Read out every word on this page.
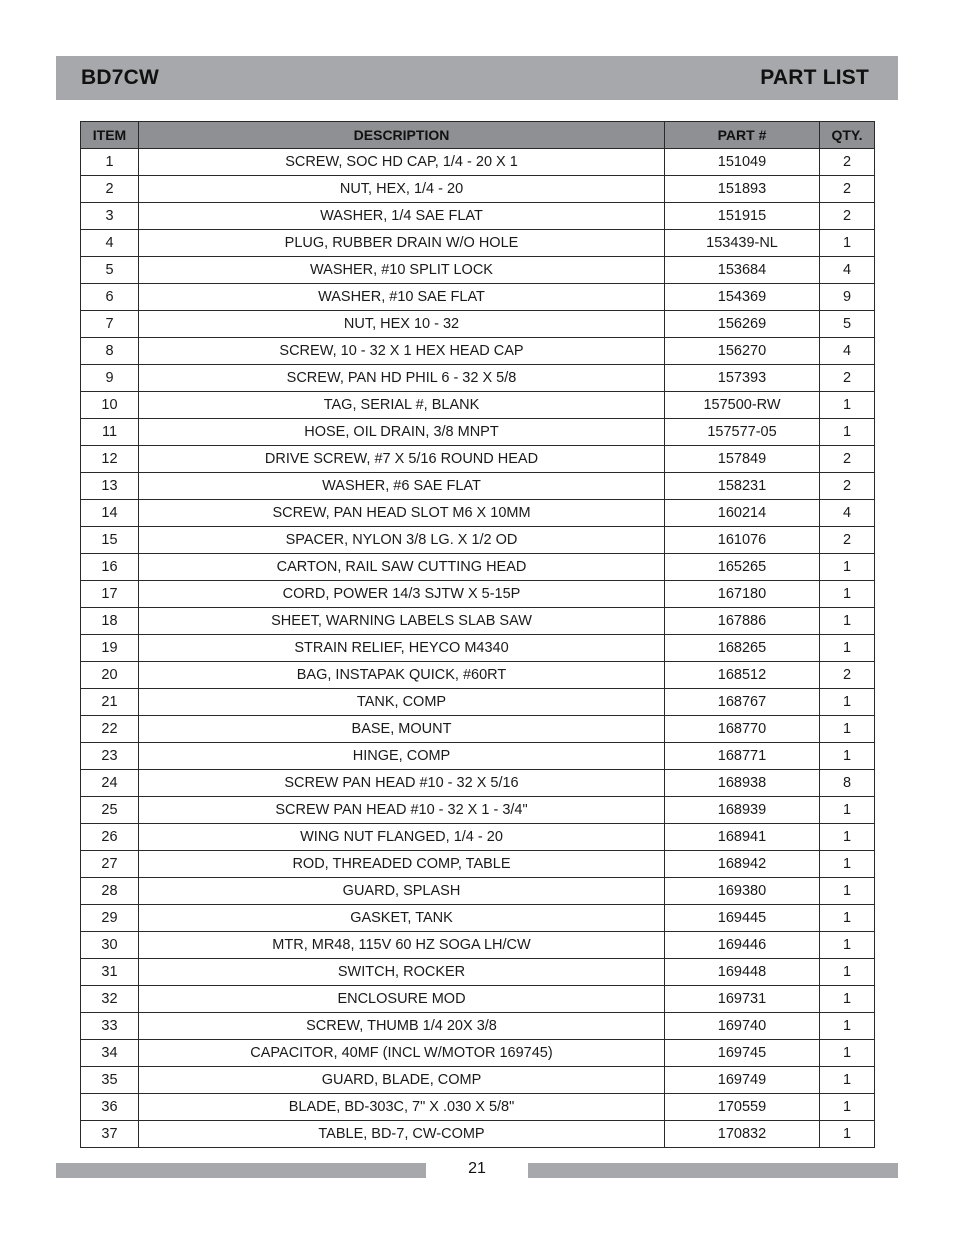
BD7CW	PART LIST
ITEM	DESCRIPTION	PART #	QTY.
1	SCREW, SOC HD CAP, 1/4 - 20 X 1	151049	2
2	NUT, HEX, 1/4 - 20	151893	2
3	WASHER, 1/4 SAE FLAT	151915	2
4	PLUG, RUBBER DRAIN W/O HOLE	153439-NL	1
5	WASHER, #10 SPLIT LOCK	153684	4
6	WASHER, #10 SAE FLAT	154369	9
7	NUT, HEX 10 - 32	156269	5
8	SCREW, 10 - 32 X 1 HEX HEAD CAP	156270	4
9	SCREW, PAN HD PHIL 6 - 32 X 5/8	157393	2
10	TAG, SERIAL #, BLANK	157500-RW	1
11	HOSE, OIL DRAIN, 3/8 MNPT	157577-05	1
12	DRIVE SCREW, #7 X 5/16 ROUND HEAD	157849	2
13	WASHER, #6 SAE FLAT	158231	2
14	SCREW, PAN HEAD SLOT M6 X 10MM	160214	4
15	SPACER, NYLON 3/8 LG. X 1/2 OD	161076	2
16	CARTON, RAIL SAW CUTTING HEAD	165265	1
17	CORD, POWER 14/3 SJTW X 5-15P	167180	1
18	SHEET, WARNING LABELS SLAB SAW	167886	1
19	STRAIN RELIEF, HEYCO M4340	168265	1
20	BAG, INSTAPAK QUICK, #60RT	168512	2
21	TANK, COMP	168767	1
22	BASE, MOUNT	168770	1
23	HINGE, COMP	168771	1
24	SCREW PAN HEAD #10 - 32 X 5/16	168938	8
25	SCREW PAN HEAD #10 - 32 X 1 - 3/4"	168939	1
26	WING NUT FLANGED, 1/4 - 20	168941	1
27	ROD, THREADED COMP, TABLE	168942	1
28	GUARD, SPLASH	169380	1
29	GASKET, TANK	169445	1
30	MTR, MR48, 115V 60 HZ SOGA LH/CW	169446	1
31	SWITCH, ROCKER	169448	1
32	ENCLOSURE MOD	169731	1
33	SCREW, THUMB 1/4 20X 3/8	169740	1
34	CAPACITOR, 40MF (INCL W/MOTOR 169745)	169745	1
35	GUARD, BLADE, COMP	169749	1
36	BLADE, BD-303C, 7" X .030 X 5/8"	170559	1
37	TABLE, BD-7, CW-COMP	170832	1
21
